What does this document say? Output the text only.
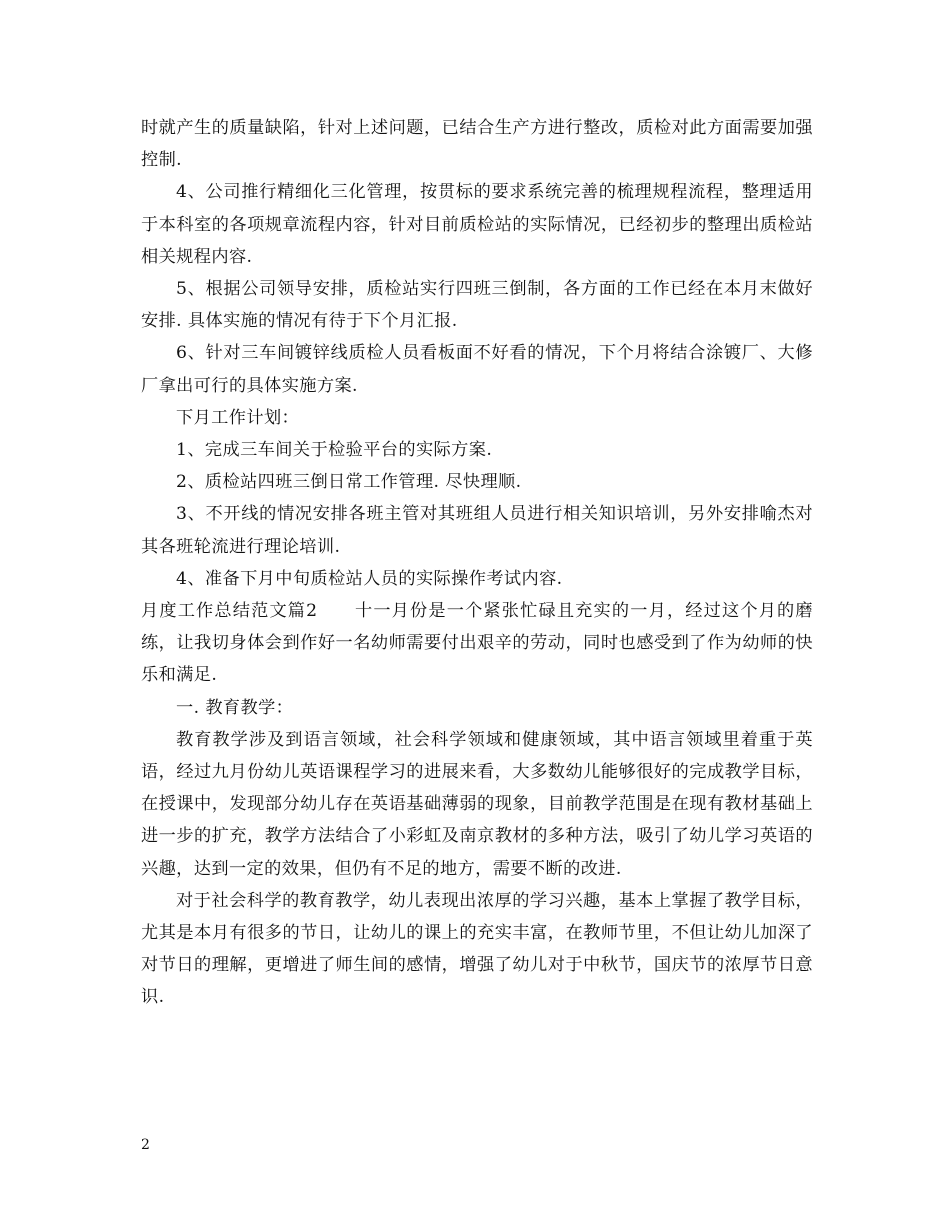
时就产生的质量缺陷，针对上述问题，已结合生产方进行整改，质检对此方面需要加强控制.

4、公司推行精细化三化管理，按贯标的要求系统完善的梳理规程流程，整理适用于本科室的各项规章流程内容，针对目前质检站的实际情况，已经初步的整理出质检站相关规程内容.

5、根据公司领导安排，质检站实行四班三倒制，各方面的工作已经在本月末做好安排. 具体实施的情况有待于下个月汇报.

6、针对三车间镀锌线质检人员看板面不好看的情况，下个月将结合涂镀厂、大修厂拿出可行的具体实施方案.

下月工作计划：

1、完成三车间关于检验平台的实际方案.

2、质检站四班三倒日常工作管理. 尽快理顺.

3、不开线的情况安排各班主管对其班组人员进行相关知识培训，另外安排喻杰对其各班轮流进行理论培训.

4、准备下月中旬质检站人员的实际操作考试内容.

月度工作总结范文篇2　　十一月份是一个紧张忙碌且充实的一月，经过这个月的磨练，让我切身体会到作好一名幼师需要付出艰辛的劳动，同时也感受到了作为幼师的快乐和满足.

一. 教育教学：

教育教学涉及到语言领域，社会科学领域和健康领域，其中语言领域里着重于英语，经过九月份幼儿英语课程学习的进展来看，大多数幼儿能够很好的完成教学目标，在授课中，发现部分幼儿存在英语基础薄弱的现象，目前教学范围是在现有教材基础上进一步的扩充，教学方法结合了小彩虹及南京教材的多种方法，吸引了幼儿学习英语的兴趣，达到一定的效果，但仍有不足的地方，需要不断的改进.

对于社会科学的教育教学，幼儿表现出浓厚的学习兴趣，基本上掌握了教学目标，尤其是本月有很多的节日，让幼儿的课上的充实丰富，在教师节里，不但让幼儿加深了对节日的理解，更增进了师生间的感情，增强了幼儿对于中秋节，国庆节的浓厚节日意识.

2
